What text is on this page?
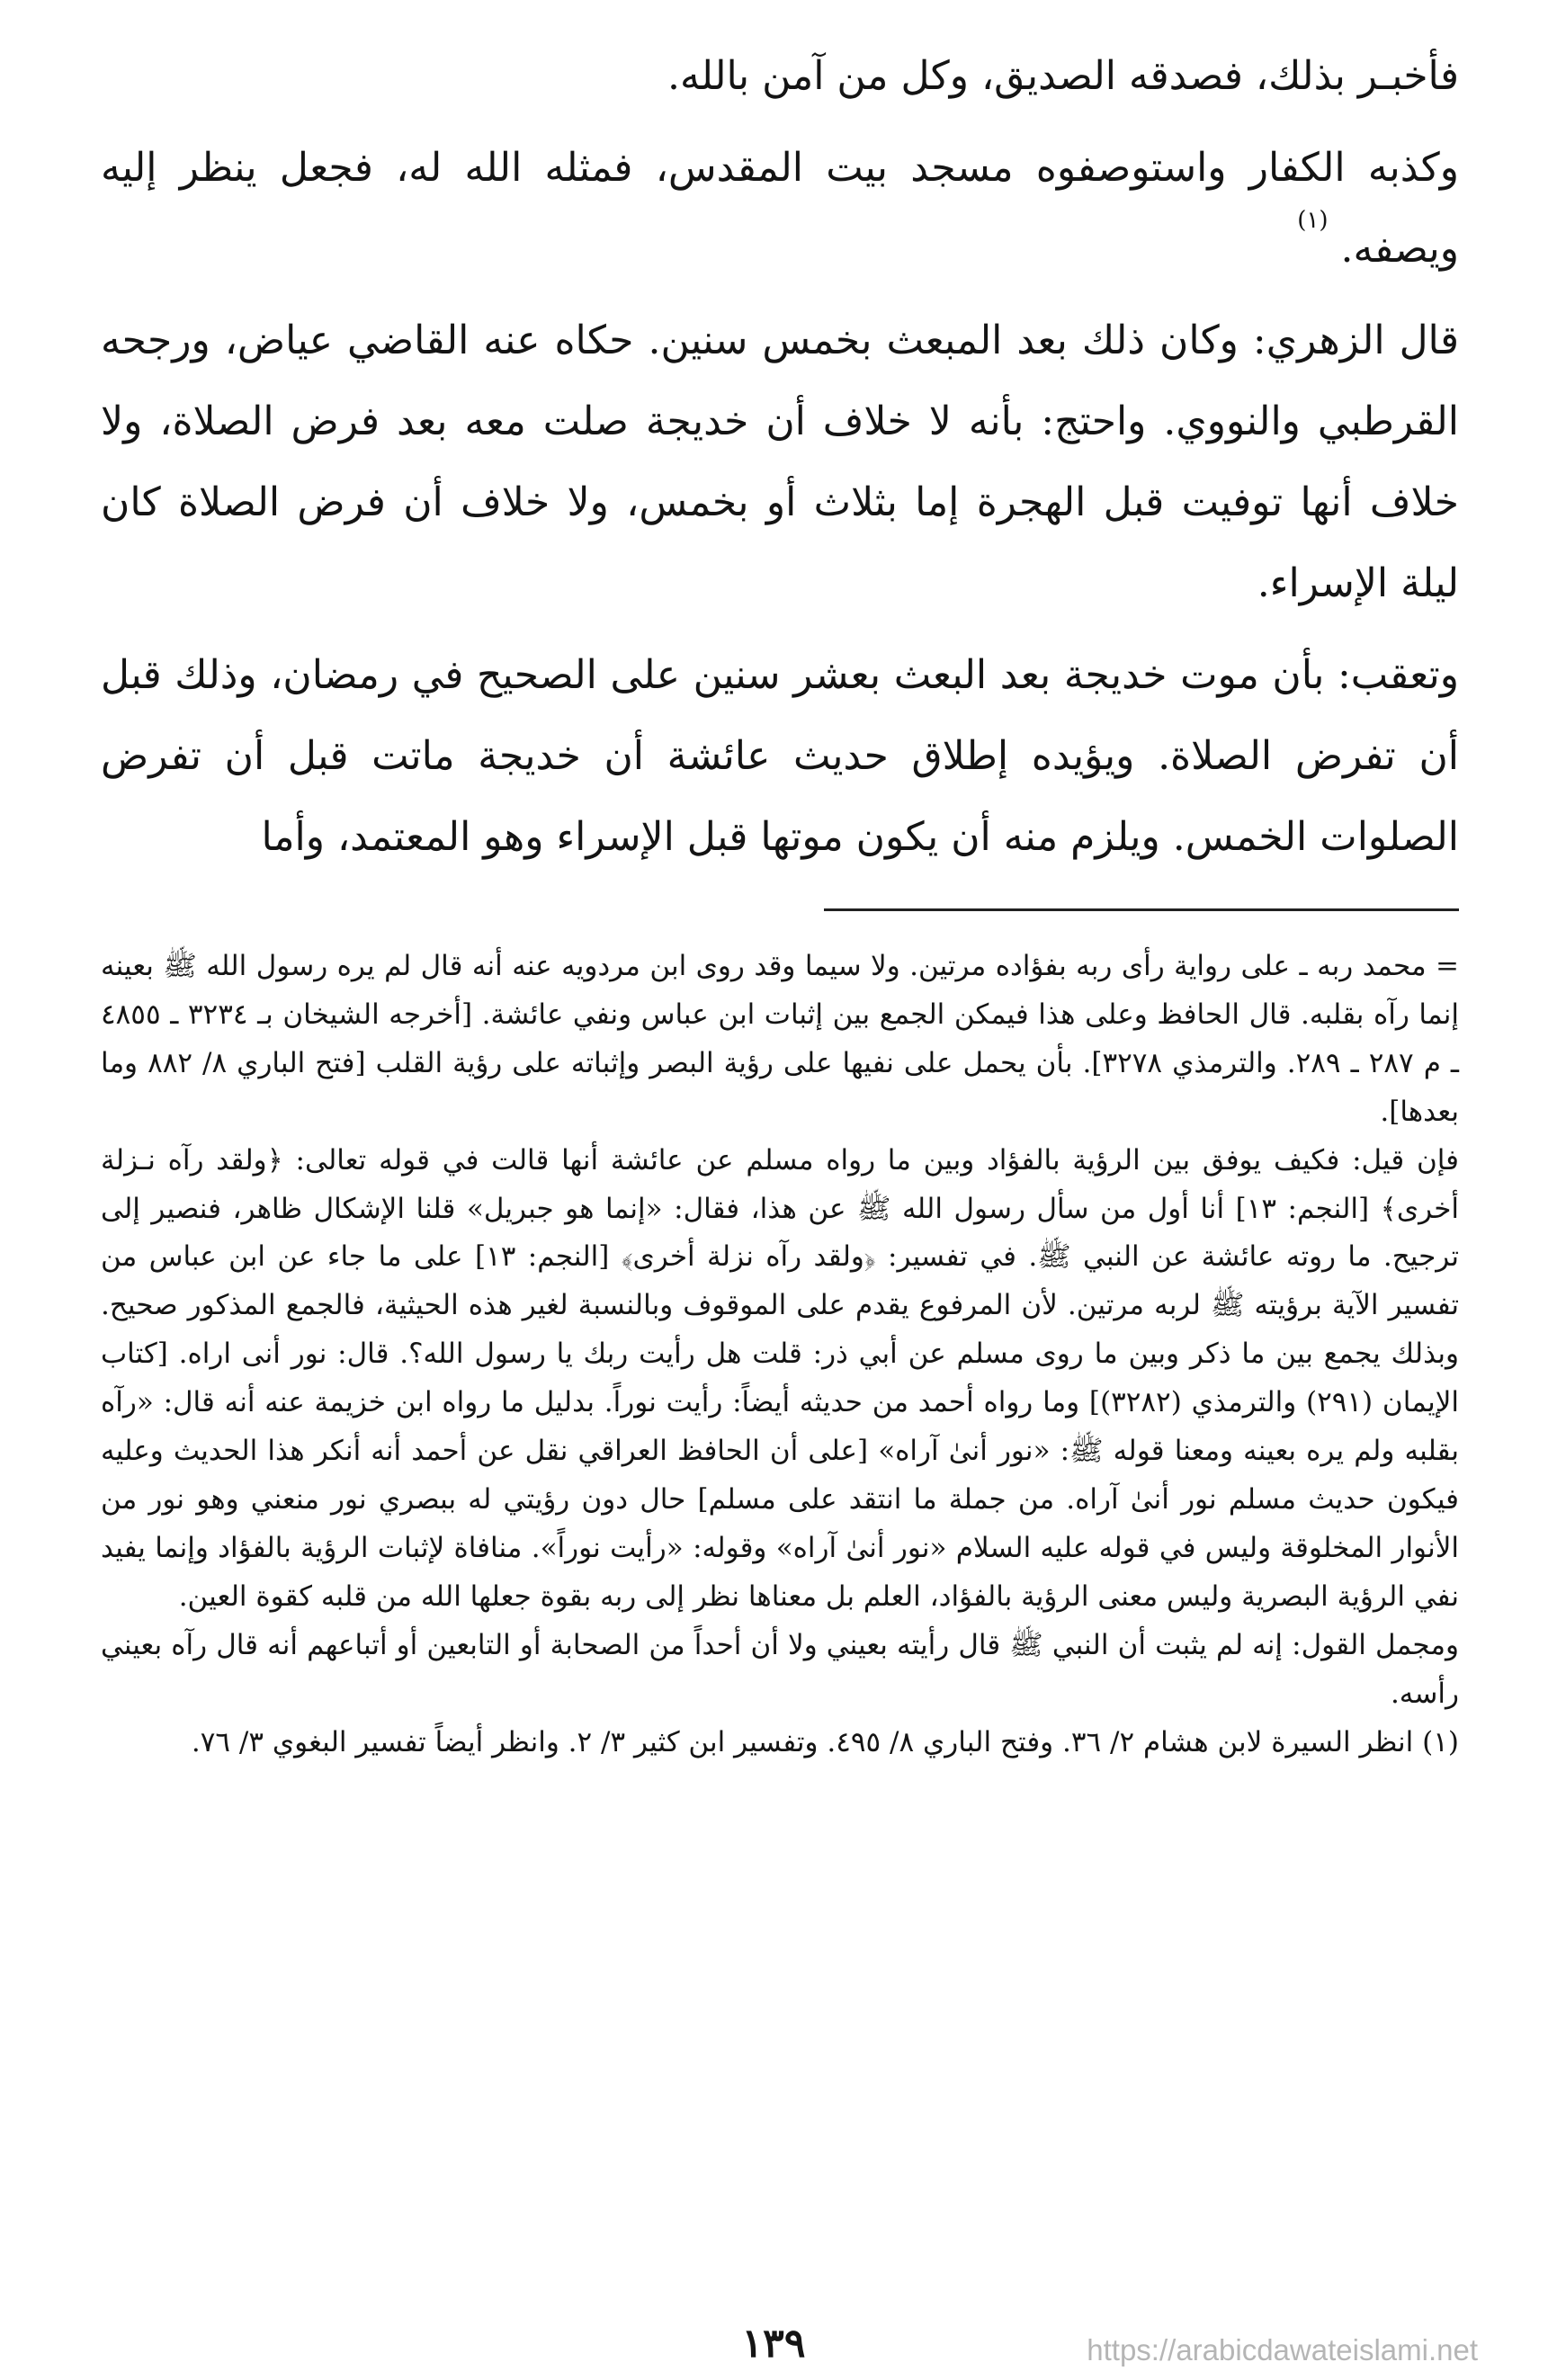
فأخبـر بذلك، فصدقه الصديق، وكل من آمن بالله.

وكذبه الكفار واستوصفوه مسجد بيت المقدس، فمثله الله له، فجعل ينظر إليه ويصفه. $^{(١)}$

قال الزهري: وكان ذلك بعد المبعث بخمس سنين. حكاه عنه القاضي عياض، ورجحه القرطبي والنووي. واحتج: بأنه لا خلاف أن خديجة صلت معه بعد فرض الصلاة، ولا خلاف أنها توفيت قبل الهجرة إما بثلاث أو بخمس، ولا خلاف أن فرض الصلاة كان ليلة الإسراء.

وتعقب: بأن موت خديجة بعد البعث بعشر سنين على الصحيح في رمضان، وذلك قبل أن تفرض الصلاة. ويؤيده إطلاق حديث عائشة أن خديجة ماتت قبل أن تفرض الصلوات الخمس. ويلزم منه أن يكون موتها قبل الإسراء وهو المعتمد، وأما

= محمد ربه ـ على رواية رأى ربه بفؤاده مرتين. ولا سيما وقد روى ابن مردويه عنه أنه قال لم يره رسول الله ﷺ بعينه إنما رآه بقلبه. قال الحافظ وعلى هذا فيمكن الجمع بين إثبات ابن عباس ونفي عائشة. [أخرجه الشيخان بـ ٣٢٣٤ ـ ٤٨٥٥ ـ م ٢٨٧ ـ ٢٨٩. والترمذي ٣٢٧٨]. بأن يحمل على نفيها على رؤية البصر وإثباته على رؤية القلب [فتح الباري ٨/ ٨٨٢ وما بعدها].

فإن قيل: فكيف يوفق بين الرؤية بالفؤاد وبين ما رواه مسلم عن عائشة أنها قالت في قوله تعالى: ﴿ولقد رآه نـزلة أخرى﴾ [النجم: ١٣] أنا أول من سأل رسول الله ﷺ عن هذا، فقال: «إنما هو جبريل» قلنا الإشكال ظاهر، فنصير إلى ترجيح. ما روته عائشة عن النبي ﷺ. في تفسير: ﴿ولقد رآه نزلة أخرى﴾ [النجم: ١٣] على ما جاء عن ابن عباس من تفسير الآية برؤيته ﷺ لربه مرتين. لأن المرفوع يقدم على الموقوف وبالنسبة لغير هذه الحيثية، فالجمع المذكور صحيح. وبذلك يجمع بين ما ذكر وبين ما روى مسلم عن أبي ذر: قلت هل رأيت ربك يا رسول الله؟. قال: نور أنى اراه. [كتاب الإيمان (٢٩١) والترمذي (٣٢٨٢)] وما رواه أحمد من حديثه أيضاً: رأيت نوراً. بدليل ما رواه ابن خزيمة عنه أنه قال: «رآه بقلبه ولم يره بعينه ومعنا قوله ﷺ: «نور أنىٰ آراه» [على أن الحافظ العراقي نقل عن أحمد أنه أنكر هذا الحديث وعليه فيكون حديث مسلم نور أنىٰ آراه. من جملة ما انتقد على مسلم] حال دون رؤيتي له ببصري نور منعني وهو نور من الأنوار المخلوقة وليس في قوله عليه السلام «نور أنىٰ آراه» وقوله: «رأيت نوراً». منافاة لإثبات الرؤية بالفؤاد وإنما يفيد نفي الرؤية البصرية وليس معنى الرؤية بالفؤاد، العلم بل معناها نظر إلى ربه بقوة جعلها الله من قلبه كقوة العين.

ومجمل القول: إنه لم يثبت أن النبي ﷺ قال رأيته بعيني ولا أن أحداً من الصحابة أو التابعين أو أتباعهم أنه قال رآه بعيني رأسه.

(١) انظر السيرة لابن هشام ٢/ ٣٦. وفتح الباري ٨/ ٤٩٥. وتفسير ابن كثير ٣/ ٢. وانظر أيضاً تفسير البغوي ٣/ ٧٦.

١٣٩	https://arabicdawateislami.net
